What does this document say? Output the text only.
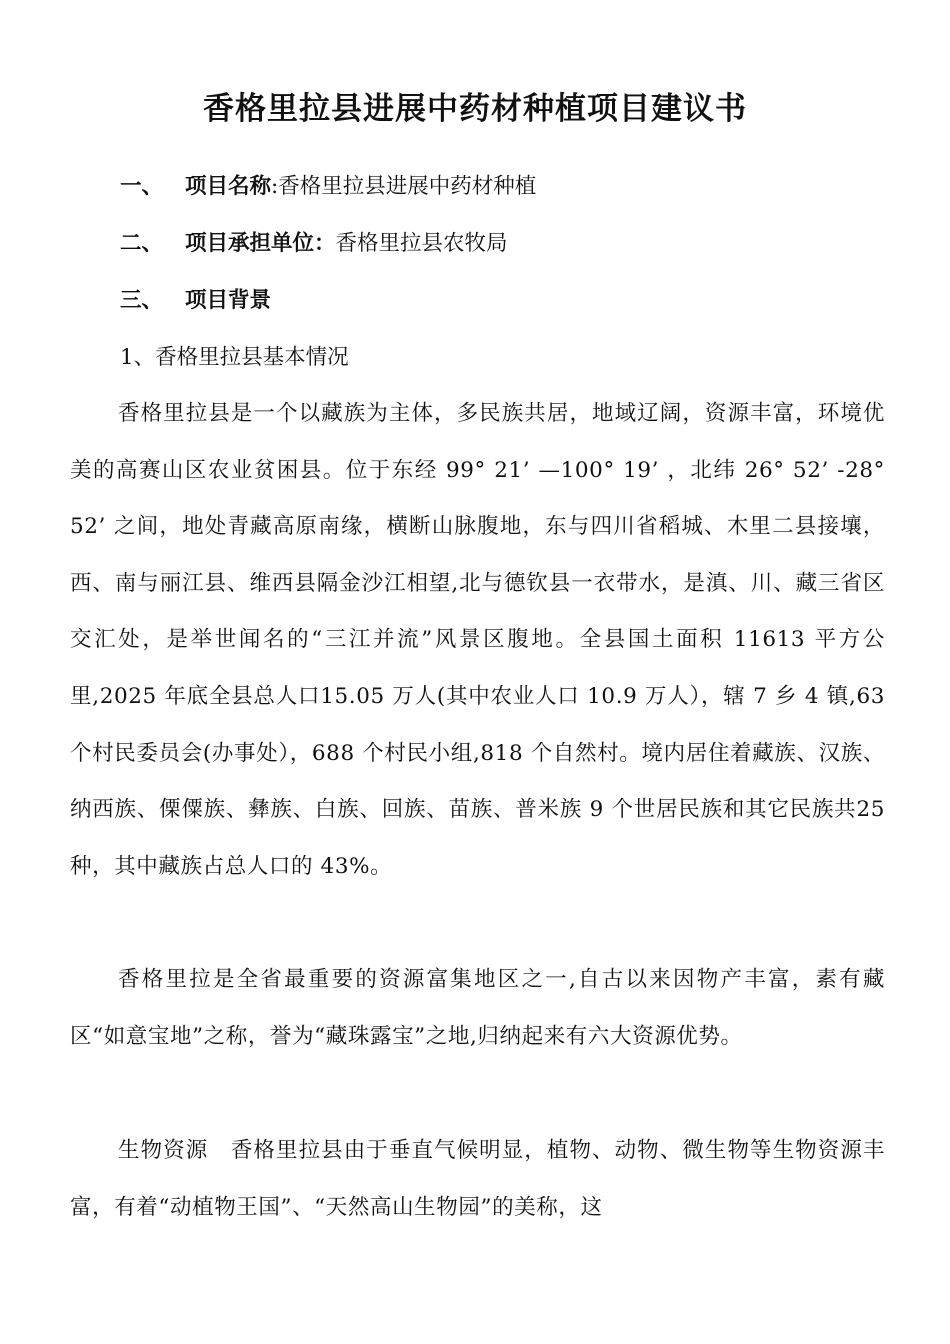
香格里拉县进展中药材种植项目建议书
一、 项目名称:香格里拉县进展中药材种植
二、 项目承担单位：香格里拉县农牧局
三、 项目背景
1、香格里拉县基本情况
香格里拉县是一个以藏族为主体，多民族共居，地域辽阔，资源丰富，环境优美的高赛山区农业贫困县。位于东经 99° 21’ —100° 19’ ，北纬 26° 52’ -28° 52’ 之间，地处青藏高原南缘，横断山脉腹地，东与四川省稻城、木里二县接壤，西、南与丽江县、维西县隔金沙江相望,北与德钦县一衣带水，是滇、川、藏三省区交汇处，是举世闻名的“三江并流”风景区腹地。全县国土面积 11613 平方公里,2025 年底全县总人口15.05 万人(其中农业人口 10.9 万人），辖 7 乡 4 镇,63 个村民委员会(办事处），688 个村民小组,818 个自然村。境内居住着藏族、汉族、纳西族、傈僳族、彝族、白族、回族、苗族、普米族 9 个世居民族和其它民族共25 种，其中藏族占总人口的 43%。
香格里拉是全省最重要的资源富集地区之一,自古以来因物产丰富，素有藏区“如意宝地”之称，誉为“藏珠露宝”之地,归纳起来有六大资源优势。
生物资源　香格里拉县由于垂直气候明显，植物、动物、微生物等生物资源丰富，有着“动植物王国”、“天然高山生物园”的美称，这
